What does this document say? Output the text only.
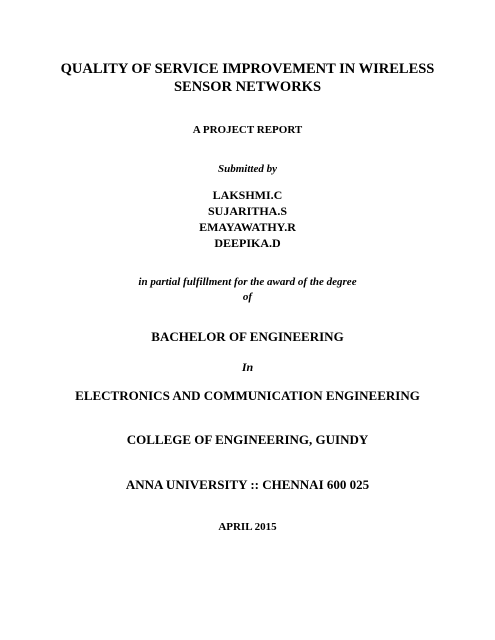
QUALITY OF SERVICE IMPROVEMENT IN WIRELESS
SENSOR NETWORKS
A PROJECT REPORT
Submitted by
LAKSHMI.C
SUJARITHA.S
EMAYAWATHY.R
DEEPIKA.D
in partial fulfillment for the award of the degree
of
BACHELOR OF ENGINEERING
In
ELECTRONICS AND COMMUNICATION ENGINEERING
COLLEGE OF ENGINEERING, GUINDY
ANNA UNIVERSITY :: CHENNAI 600 025
APRIL 2015
